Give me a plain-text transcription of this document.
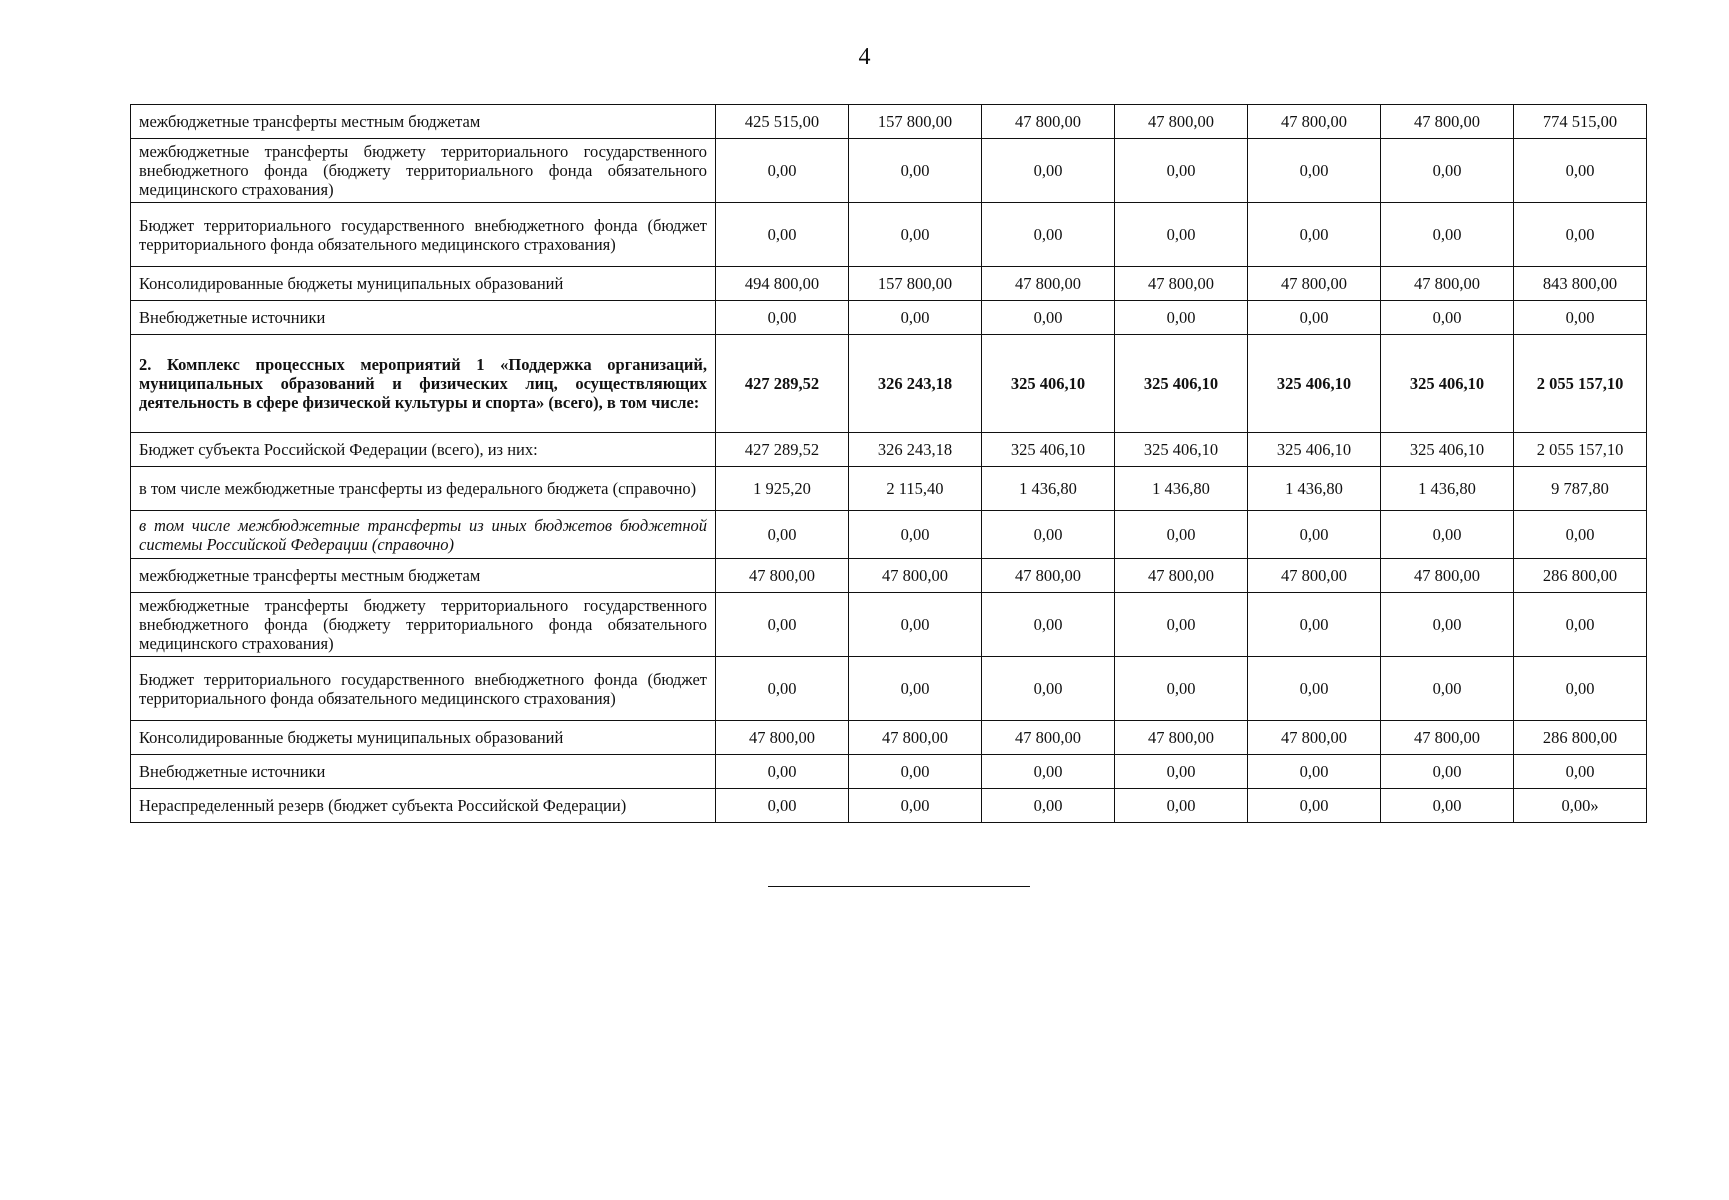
4
межбюджетные трансферты местным бюджетам	425 515,00	157 800,00	47 800,00	47 800,00	47 800,00	47 800,00	774 515,00
межбюджетные трансферты бюджету территориального государственного внебюджетного фонда (бюджету территориального фонда обязательного медицинского страхования)	0,00	0,00	0,00	0,00	0,00	0,00	0,00
Бюджет территориального государственного внебюджетного фонда (бюджет территориального фонда обязательного медицинского страхования)	0,00	0,00	0,00	0,00	0,00	0,00	0,00
Консолидированные бюджеты муниципальных образований	494 800,00	157 800,00	47 800,00	47 800,00	47 800,00	47 800,00	843 800,00
Внебюджетные источники	0,00	0,00	0,00	0,00	0,00	0,00	0,00
2. Комплекс процессных мероприятий 1 «Поддержка организаций, муниципальных образований и физических лиц, осуществляющих деятельность в сфере физической культуры и спорта» (всего), в том числе:	427 289,52	326 243,18	325 406,10	325 406,10	325 406,10	325 406,10	2 055 157,10
Бюджет субъекта Российской Федерации (всего), из них:	427 289,52	326 243,18	325 406,10	325 406,10	325 406,10	325 406,10	2 055 157,10
в том числе межбюджетные трансферты из федерального бюджета (справочно)	1 925,20	2 115,40	1 436,80	1 436,80	1 436,80	1 436,80	9 787,80
в том числе межбюджетные трансферты из иных бюджетов бюджетной системы Российской Федерации (справочно)	0,00	0,00	0,00	0,00	0,00	0,00	0,00
межбюджетные трансферты местным бюджетам	47 800,00	47 800,00	47 800,00	47 800,00	47 800,00	47 800,00	286 800,00
межбюджетные трансферты бюджету территориального государственного внебюджетного фонда (бюджету территориального фонда обязательного медицинского страхования)	0,00	0,00	0,00	0,00	0,00	0,00	0,00
Бюджет территориального государственного внебюджетного фонда (бюджет территориального фонда обязательного медицинского страхования)	0,00	0,00	0,00	0,00	0,00	0,00	0,00
Консолидированные бюджеты муниципальных образований	47 800,00	47 800,00	47 800,00	47 800,00	47 800,00	47 800,00	286 800,00
Внебюджетные источники	0,00	0,00	0,00	0,00	0,00	0,00	0,00
Нераспределенный резерв (бюджет субъекта Российской Федерации)	0,00	0,00	0,00	0,00	0,00	0,00	0,00»
